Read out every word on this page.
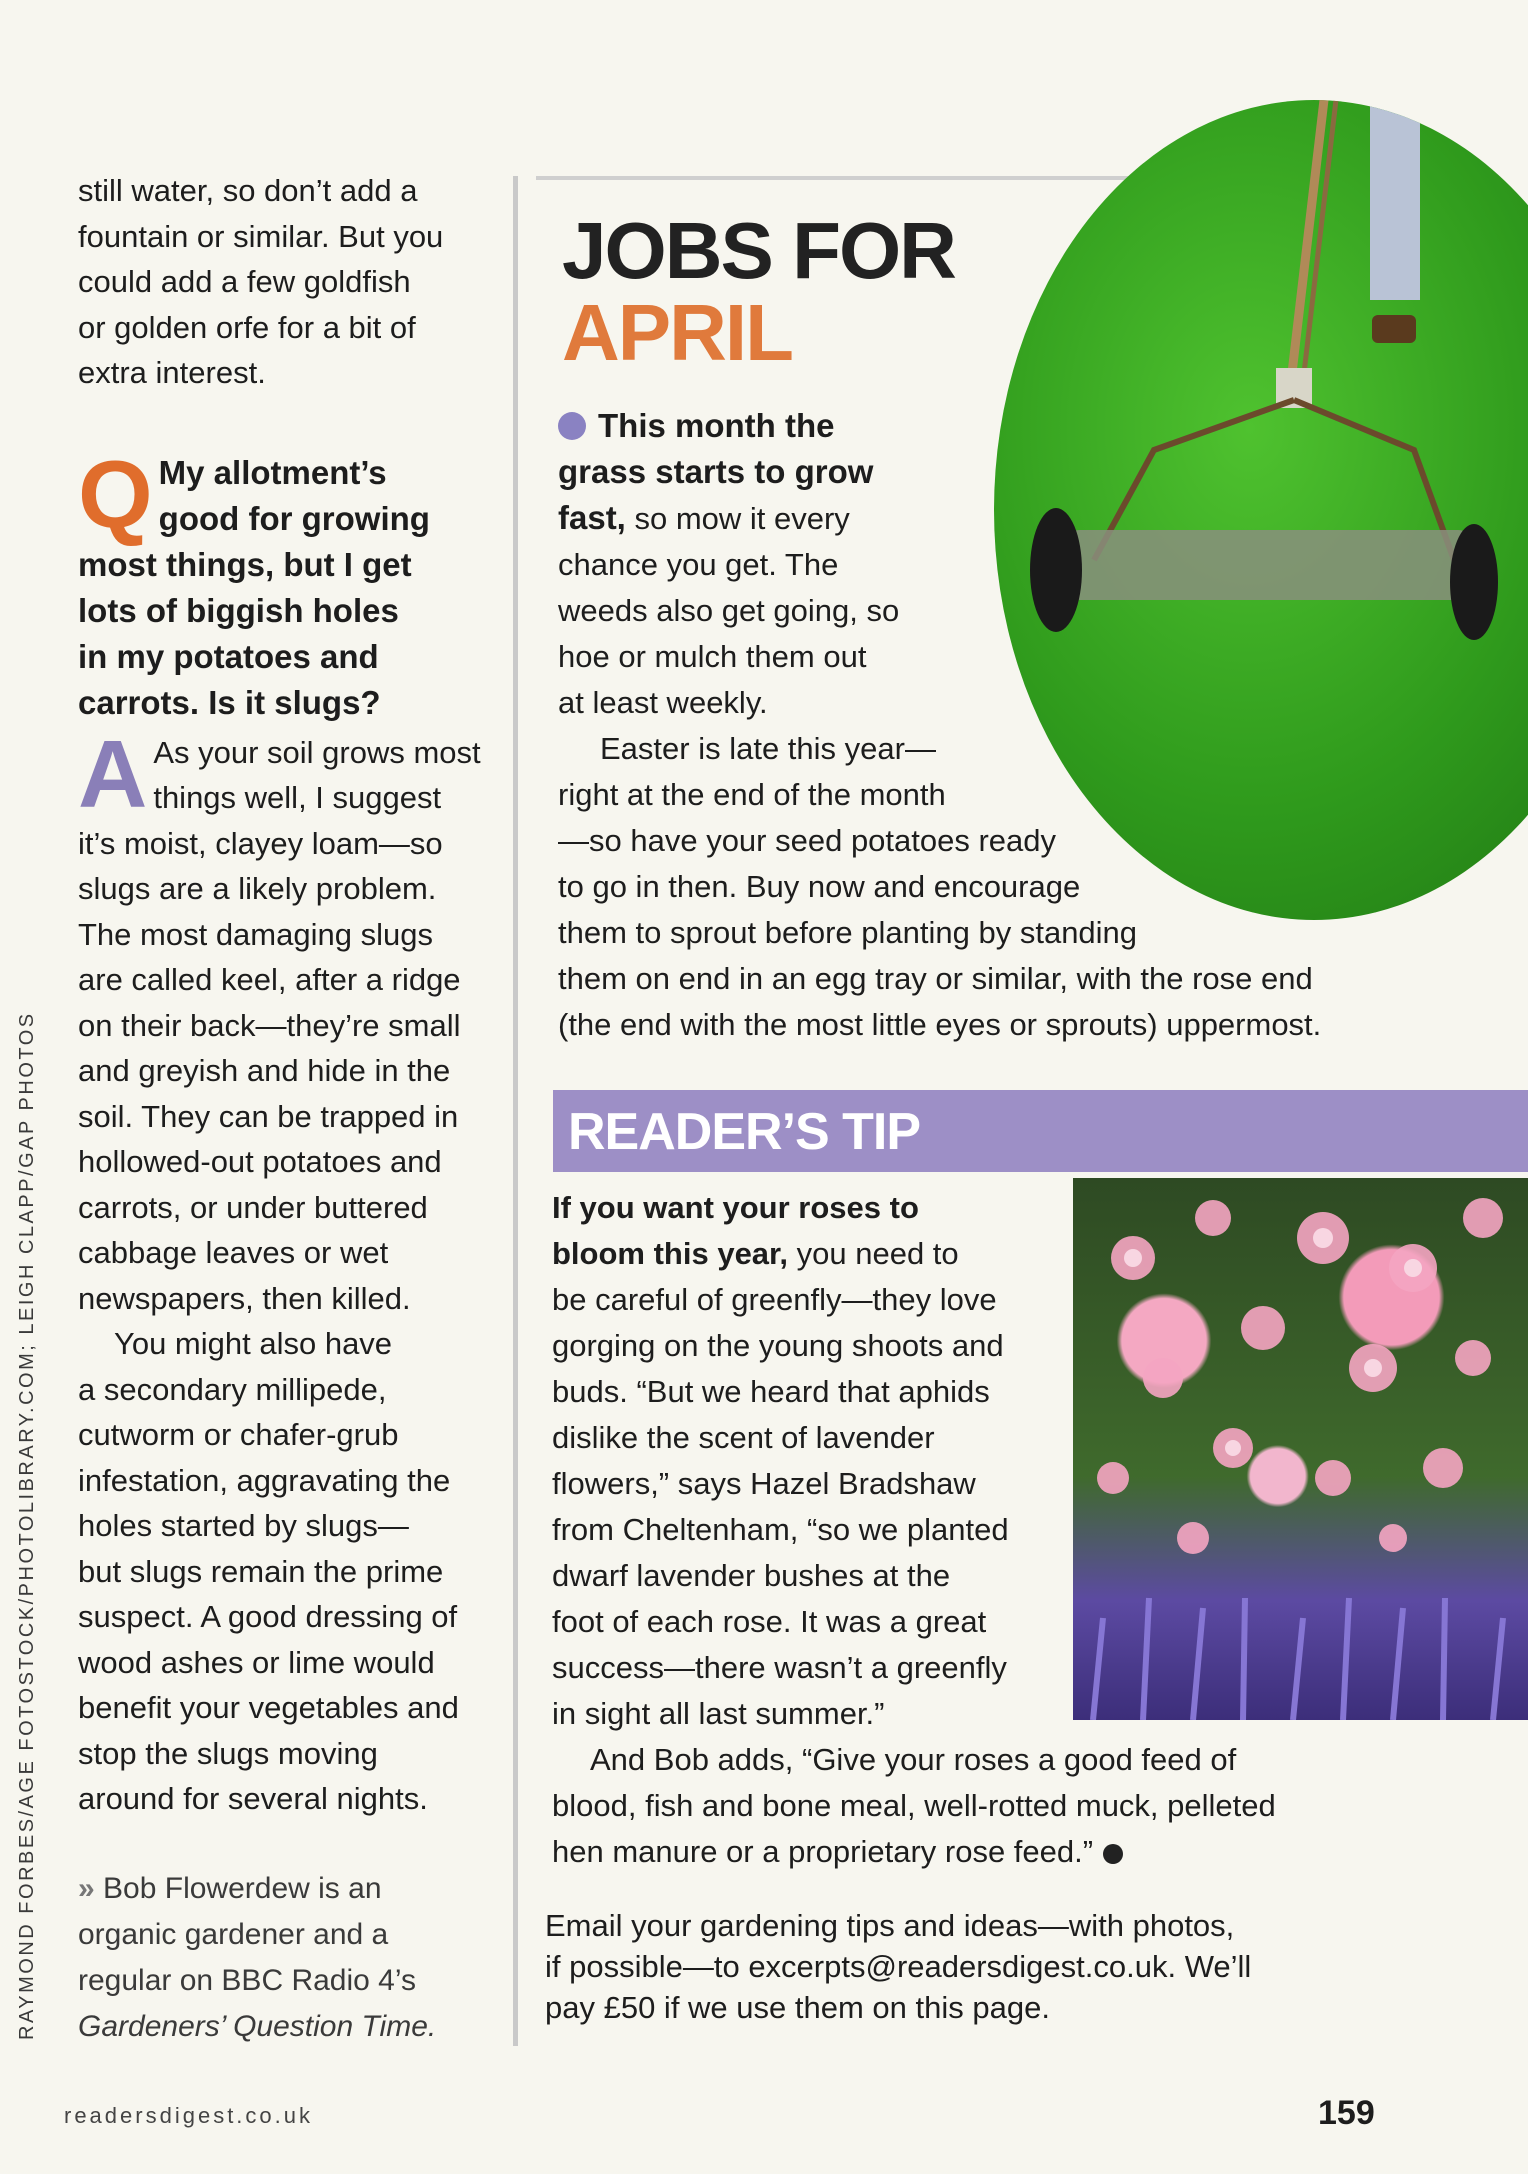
RAYMOND FORBES/AGE FOTOSTOCK/PHOTOLIBRARY.COM; LEIGH CLAPP/GAP PHOTOS
still water, so don’t add a
fountain or similar. But you
could add a few goldfish
or golden orfe for a bit of
extra interest.
Q My allotment’s
good for growing
most things, but I get
lots of biggish holes
in my potatoes and
carrots. Is it slugs?
A As your soil grows most
things well, I suggest
it’s moist, clayey loam—so
slugs are a likely problem.
The most damaging slugs
are called keel, after a ridge
on their back—they’re small
and greyish and hide in the
soil. They can be trapped in
hollowed-out potatoes and
carrots, or under buttered
cabbage leaves or wet
newspapers, then killed.
You might also have
a secondary millipede,
cutworm or chafer-grub
infestation, aggravating the
holes started by slugs—
but slugs remain the prime
suspect. A good dressing of
wood ashes or lime would
benefit your vegetables and
stop the slugs moving
around for several nights.
» Bob Flowerdew is an
organic gardener and a
regular on BBC Radio 4’s
Gardeners’ Question Time.
JOBS FOR
APRIL
This month the
grass starts to grow
fast, so mow it every
chance you get. The
weeds also get going, so
hoe or mulch them out
at least weekly.
Easter is late this year—
right at the end of the month
—so have your seed potatoes ready
to go in then. Buy now and encourage
them to sprout before planting by standing
them on end in an egg tray or similar, with the rose end
(the end with the most little eyes or sprouts) uppermost.
READER’S TIP
If you want your roses to
bloom this year, you need to
be careful of greenfly—they love
gorging on the young shoots and
buds. “But we heard that aphids
dislike the scent of lavender
flowers,” says Hazel Bradshaw
from Cheltenham, “so we planted
dwarf lavender bushes at the
foot of each rose. It was a great
success—there wasn’t a greenfly
in sight all last summer.”
And Bob adds, “Give your roses a good feed of
blood, fish and bone meal, well-rotted muck, pelleted
hen manure or a proprietary rose feed.”
Email your gardening tips and ideas—with photos,
if possible—to excerpts@readersdigest.co.uk. We’ll
pay £50 if we use them on this page.
readersdigest.co.uk	159
